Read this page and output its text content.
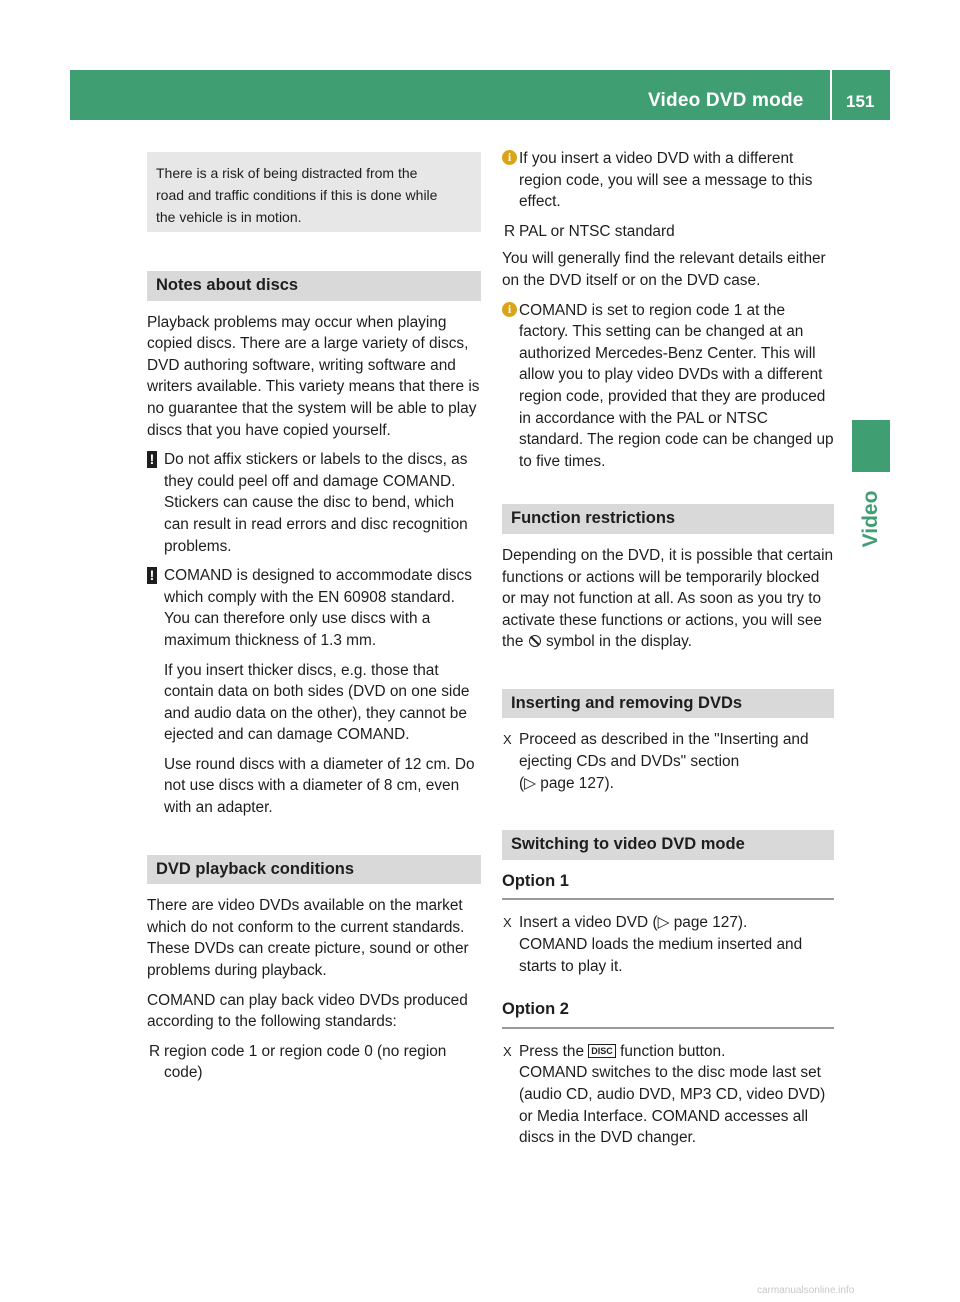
Video DVD mode 151
Video

There is a risk of being distracted from the

road and traffic conditions if this is done while

the vehicle is in motion.

Notes about discs

Playback problems may occur when playing copied discs. There are a large variety of discs, DVD authoring software, writing software and writers available. This variety means that there is no guarantee that the system will be able to play discs that you have copied yourself.

! Do not affix stickers or labels to the discs, as they could peel off and damage COMAND. Stickers can cause the disc to bend, which can result in read errors and disc recognition problems.

! COMAND is designed to accommodate discs which comply with the EN 60908 standard. You can therefore only use discs with a maximum thickness of 1.3 mm.

If you insert thicker discs, e.g. those that contain data on both sides (DVD on one side and audio data on the other), they cannot be ejected and can damage COMAND.

Use round discs with a diameter of 12 cm. Do not use discs with a diameter of 8 cm, even with an adapter.

DVD playback conditions

There are video DVDs available on the market which do not conform to the current standards.

These DVDs can create picture, sound or other problems during playback.

COMAND can play back video DVDs produced according to the following standards:

R region code 1 or region code 0 (no region code)
i If you insert a video DVD with a different region code, you will see a message to this effect.

R PAL or NTSC standard

You will generally find the relevant details either on the DVD itself or on the DVD case.

i COMAND is set to region code 1 at the factory. This setting can be changed at an authorized Mercedes-Benz Center. This will allow you to play video DVDs with a different region code, provided that they are produced in accordance with the PAL or NTSC standard. The region code can be changed up to five times.

Function restrictions

Depending on the DVD, it is possible that certain functions or actions will be temporarily blocked or may not function at all. As soon as you try to activate these functions or actions, you will see the symbol in the display.

Inserting and removing DVDs
X Proceed as described in the "Inserting and ejecting CDs and DVDs" section
(▷ page 127).

Switching to video DVD mode
Option 1
X Insert a video DVD (▷ page 127).

COMAND loads the medium inserted and starts to play it.

Option 2
X Press the DISC function button.

COMAND switches to the disc mode last set (audio CD, audio DVD, MP3 CD, video DVD) or Media Interface. COMAND accesses all discs in the DVD changer.

carmanualsonline.info
